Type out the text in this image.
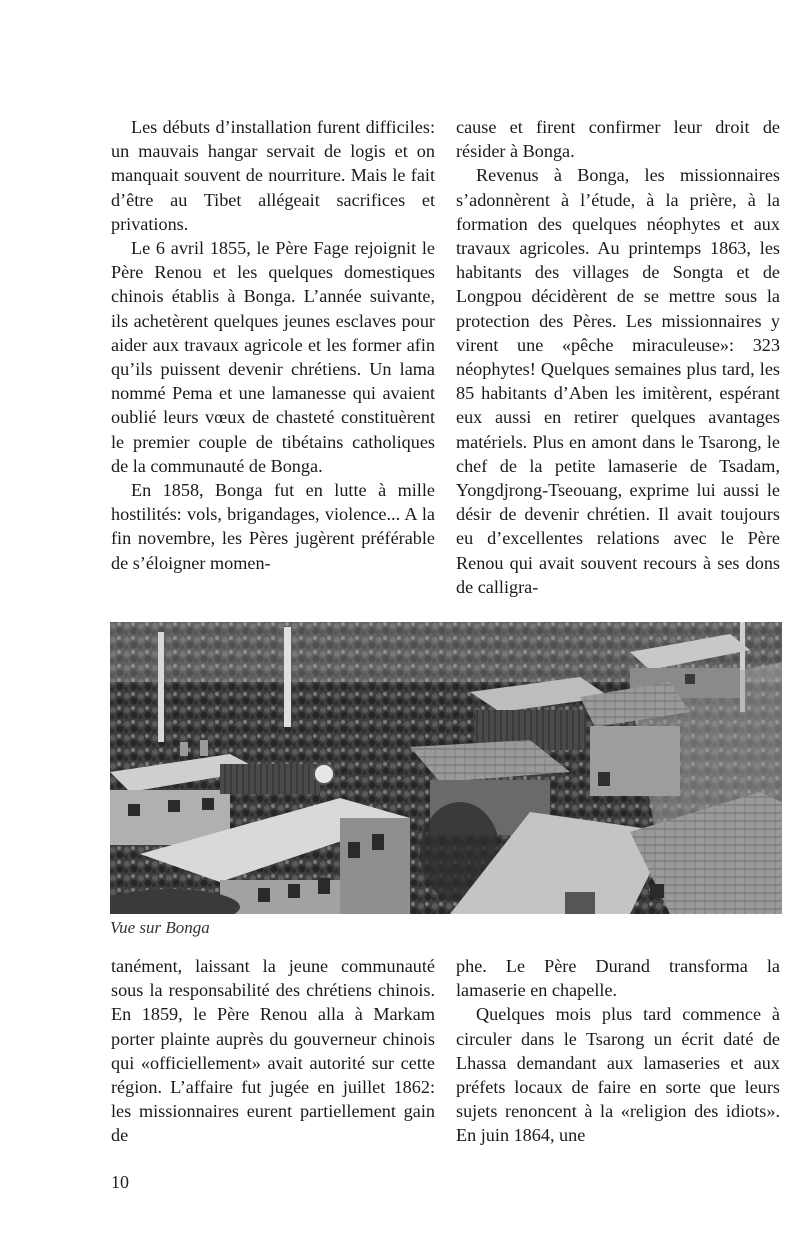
Les débuts d’installation furent difficiles: un mauvais hangar servait de logis et on manquait souvent de nourriture. Mais le fait d’être au Tibet allégeait sacrifices et privations.

Le 6 avril 1855, le Père Fage rejoignit le Père Renou et les quelques domestiques chinois établis à Bonga. L’année suivante, ils achetèrent quelques jeunes esclaves pour aider aux travaux agricole et les former afin qu’ils puissent devenir chrétiens. Un lama nommé Pema et une lamanesse qui avaient oublié leurs vœux de chasteté constituèrent le premier couple de tibétains catholiques de la communauté de Bonga.

En 1858, Bonga fut en lutte à mille hostilités: vols, brigandages, violence... A la fin novembre, les Pères jugèrent préférable de s’éloigner momen-

cause et firent confirmer leur droit de résider à Bonga.

Revenus à Bonga, les missionnaires s’adonnèrent à l’étude, à la prière, à la formation des quelques néophytes et aux travaux agricoles. Au printemps 1863, les habitants des villages de Songta et de Longpou décidèrent de se mettre sous la protection des Pères. Les missionnaires y virent une «pêche miraculeuse»: 323 néophytes! Quelques semaines plus tard, les 85 habitants d’Aben les imitèrent, espérant eux aussi en retirer quelques avantages matériels. Plus en amont dans le Tsarong, le chef de la petite lamaserie de Tsadam, Yongdjrong-Tseouang, exprime lui aussi le désir de devenir chrétien. Il avait toujours eu d’excellentes relations avec le Père Renou qui avait souvent recours à ses dons de calligra-

Vue sur Bonga

tanément, laissant la jeune communauté sous la responsabilité des chrétiens chinois. En 1859, le Père Renou alla à Markam porter plainte auprès du gouverneur chinois qui «officiellement» avait autorité sur cette région. L’affaire fut jugée en juillet 1862: les missionnaires eurent partiellement gain de

phe. Le Père Durand transforma la lamaserie en chapelle.

Quelques mois plus tard commence à circuler dans le Tsarong un écrit daté de Lhassa demandant aux lamaseries et aux préfets locaux de faire en sorte que leurs sujets renoncent à la «religion des idiots». En juin 1864, une

10
